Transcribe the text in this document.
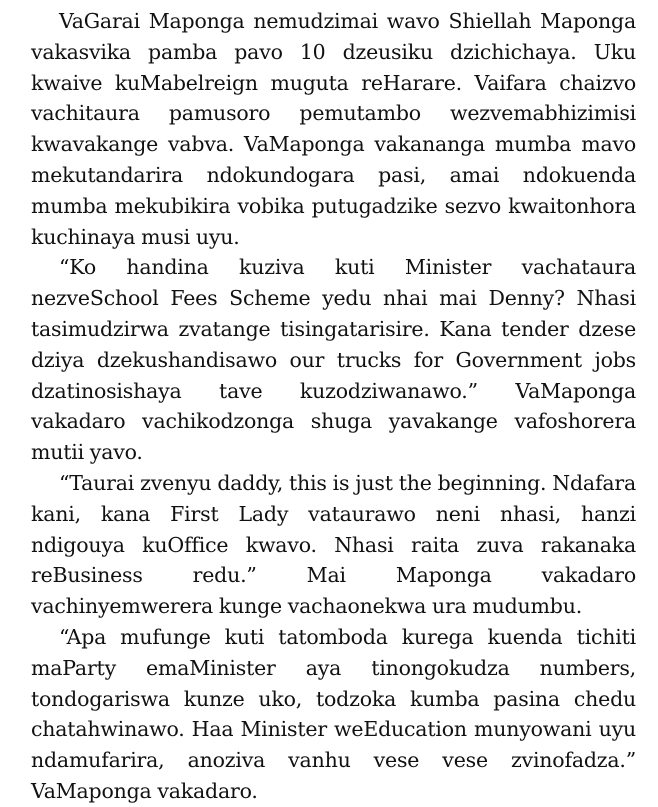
VaGarai Maponga nemudzimai wavo Shiellah Maponga vakasvika pamba pavo 10 dzeusiku dzichichaya. Uku kwaive kuMabelreign muguta reHarare. Vaifara chaizvo vachitaura pamusoro pemutambo wezvemabhizimisi kwavakange vabva. VaMaponga vakananga mumba mavo mekutandarira ndokundogara pasi, amai ndokuenda mumba mekubikira vobika putugadzike sezvo kwaitonhora kuchinaya musi uyu.

“Ko handina kuziva kuti Minister vachataura nezveSchool Fees Scheme yedu nhai mai Denny? Nhasi tasimudzirwa zvatange tisingatarisire. Kana tender dzese dziya dzekushandisawo our trucks for Government jobs dzatinosishaya tave kuzodziwanawo.” VaMaponga vakadaro vachikodzonga shuga yavakange vafoshorera mutii yavo.

“Taurai zvenyu daddy, this is just the beginning. Ndafara kani, kana First Lady vataurawo neni nhasi, hanzi ndigouya kuOffice kwavo. Nhasi raita zuva rakanaka reBusiness redu.” Mai Maponga vakadaro vachinyemwerera kunge vachaonekwa ura mudumbu.

“Apa mufunge kuti tatomboda kurega kuenda tichiti maParty emaMinister aya tinongokudza numbers, tondogariswa kunze uko, todzoka kumba pasina chedu chatahwinawo. Haa Minister weEducation munyowani uyu ndamufarira, anoziva vanhu vese vese zvinofadza.” VaMaponga vakadaro.
